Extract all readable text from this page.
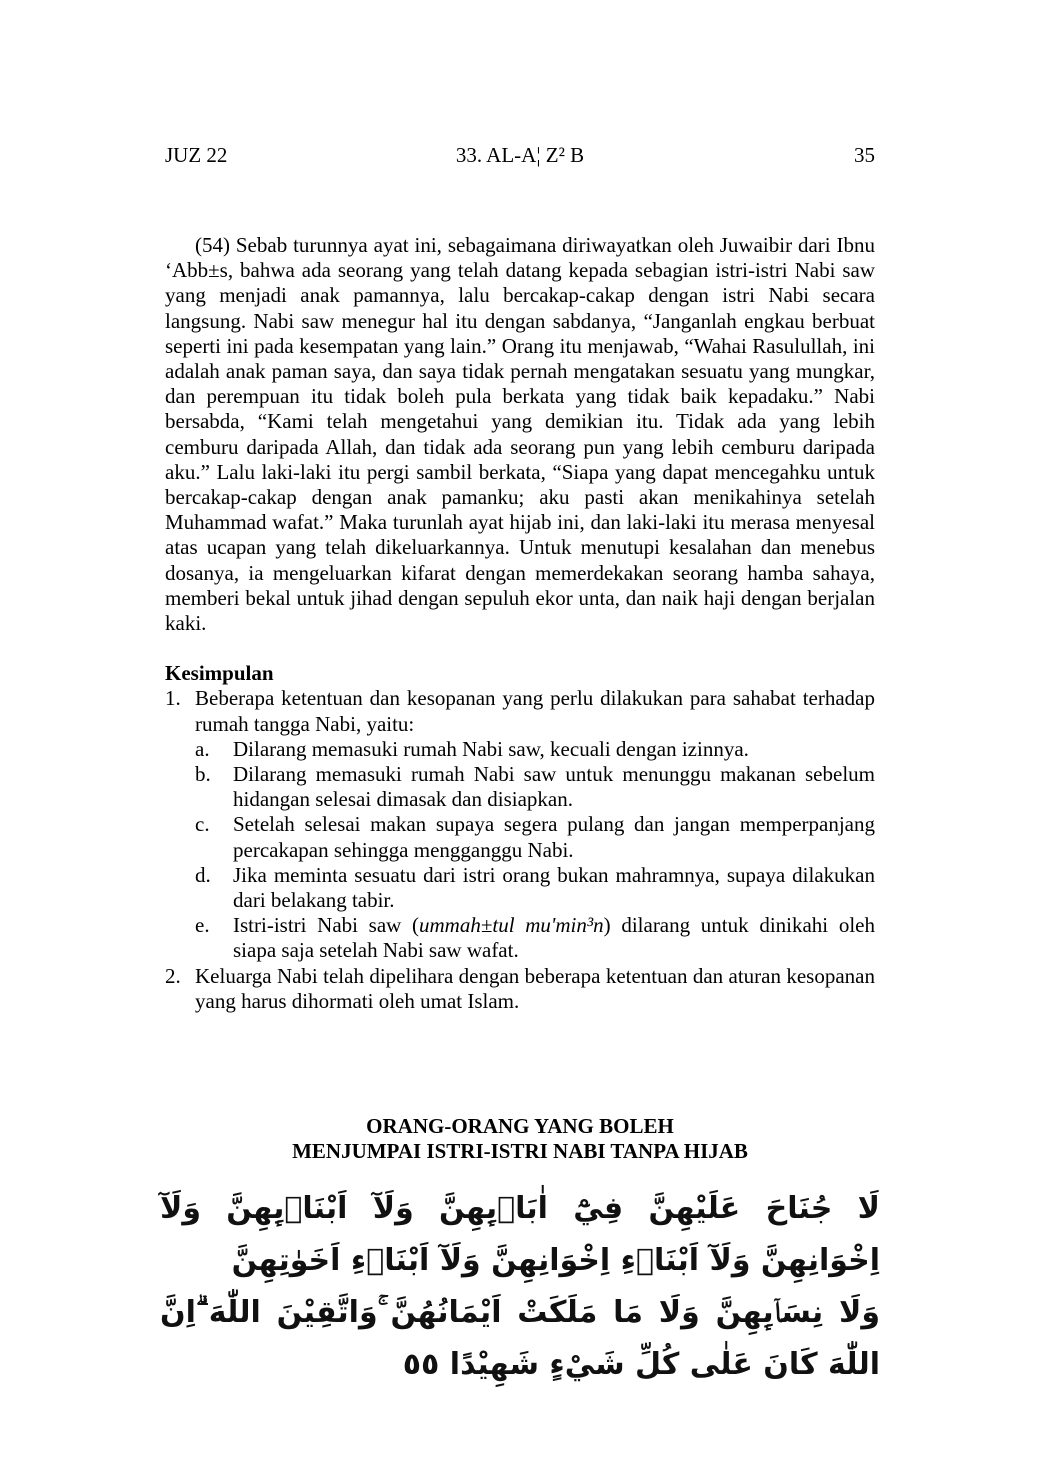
JUZ 22	33. AL-A¦ Z² B	35

(54) Sebab turunnya ayat ini, sebagaimana diriwayatkan oleh Juwaibir dari Ibnu ‘Abb±s, bahwa ada seorang yang telah datang kepada sebagian istri-istri Nabi saw yang menjadi anak pamannya, lalu bercakap-cakap dengan istri Nabi secara langsung. Nabi saw menegur hal itu dengan sabdanya, “Janganlah engkau berbuat seperti ini pada kesempatan yang lain.” Orang itu menjawab, “Wahai Rasulullah, ini adalah anak paman saya, dan saya tidak pernah mengatakan sesuatu yang mungkar, dan perempuan itu tidak boleh pula berkata yang tidak baik kepadaku.” Nabi bersabda, “Kami telah mengetahui yang demikian itu. Tidak ada yang lebih cemburu daripada Allah, dan tidak ada seorang pun yang lebih cemburu daripada aku.” Lalu laki-laki itu pergi sambil berkata, “Siapa yang dapat mencegahku untuk bercakap-cakap dengan anak pamanku; aku pasti akan menikahinya setelah Muhammad wafat.” Maka turunlah ayat hijab ini, dan laki-laki itu merasa menyesal atas ucapan yang telah dikeluarkannya. Untuk menutupi kesalahan dan menebus dosanya, ia mengeluarkan kifarat dengan memerdekakan seorang hamba sahaya, memberi bekal untuk jihad dengan sepuluh ekor unta, dan naik haji dengan berjalan kaki.

Kesimpulan
1. Beberapa ketentuan dan kesopanan yang perlu dilakukan para sahabat terhadap rumah tangga Nabi, yaitu:
a. Dilarang memasuki rumah Nabi saw, kecuali dengan izinnya.
b. Dilarang memasuki rumah Nabi saw untuk menunggu makanan sebelum hidangan selesai dimasak dan disiapkan.
c. Setelah selesai makan supaya segera pulang dan jangan memperpanjang percakapan sehingga mengganggu Nabi.
d. Jika meminta sesuatu dari istri orang bukan mahramnya, supaya dilakukan dari belakang tabir.
e. Istri-istri Nabi saw (ummah±tul mu'min³n) dilarang untuk dinikahi oleh siapa saja setelah Nabi saw wafat.
2. Keluarga Nabi telah dipelihara dengan beberapa ketentuan dan aturan kesopanan yang harus dihormati oleh umat Islam.
ORANG-ORANG YANG BOLEH
MENJUMPAI ISTRI-ISTRI NABI TANPA HIJAB
لَا جُنَاحَ عَلَيْهِنَّ فِيْٓ اٰبَاۤىِٕهِنَّ وَلَآ اَبْنَاۤىِٕهِنَّ وَلَآ اِخْوَانِهِنَّ وَلَآ اَبْنَاۤءِ اِخْوَانِهِنَّ وَلَآ اَبْنَاۤءِ اَخَوٰتِهِنَّ
وَلَا نِسَاۤىِٕهِنَّ وَلَا مَا مَلَكَتْ اَيْمَانُهُنَّ ۚوَاتَّقِيْنَ اللّٰهَ ۗاِنَّ اللّٰهَ كَانَ عَلٰى كُلِّ شَيْءٍ شَهِيْدًا ٥٥
